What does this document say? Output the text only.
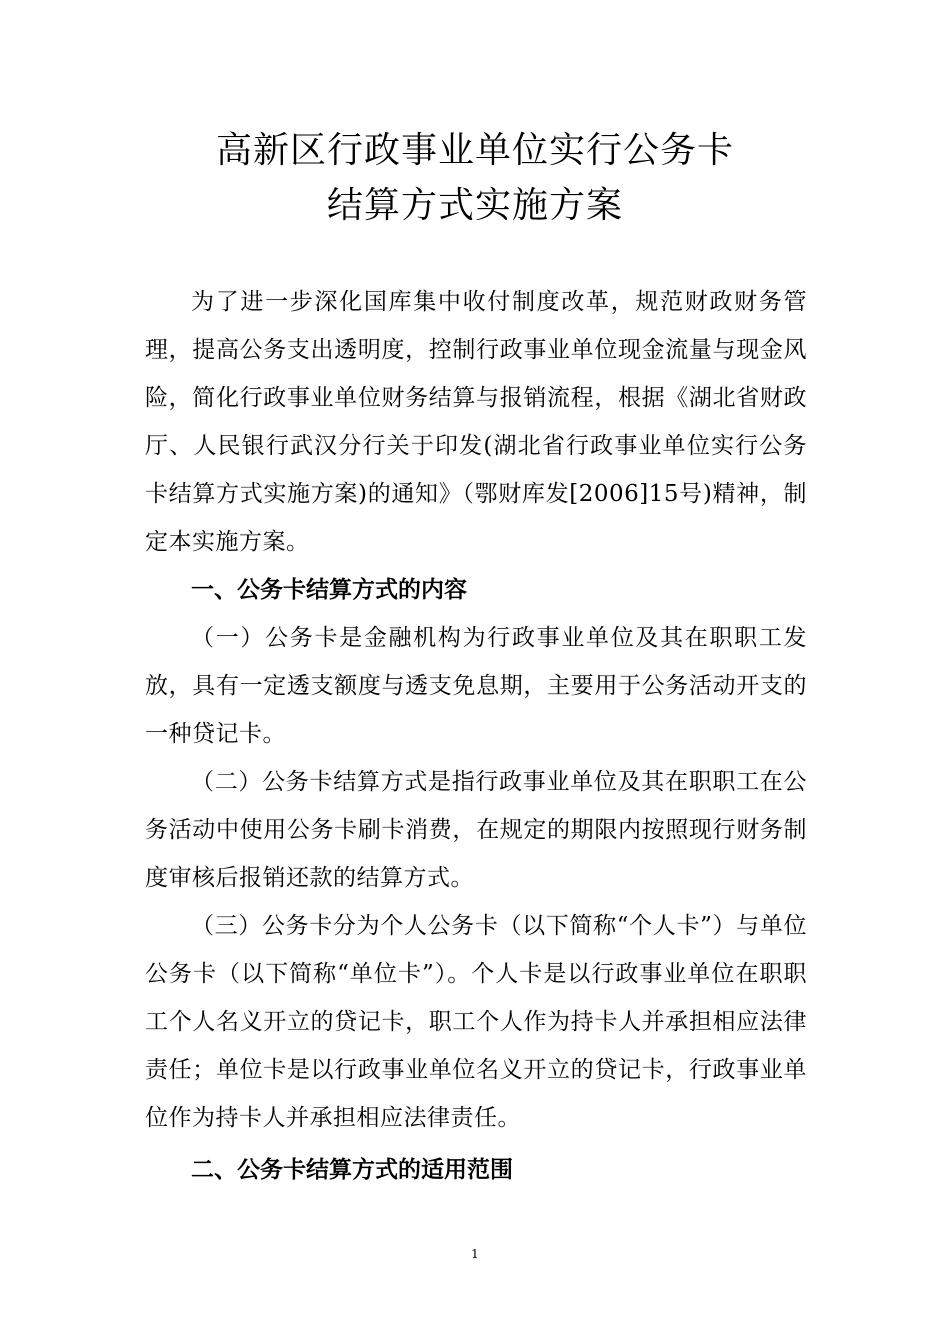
高新区行政事业单位实行公务卡
结算方式实施方案

为了进一步深化国库集中收付制度改革，规范财政财务管理，提高公务支出透明度，控制行政事业单位现金流量与现金风险，简化行政事业单位财务结算与报销流程，根据《湖北省财政厅、人民银行武汉分行关于印发(湖北省行政事业单位实行公务卡结算方式实施方案)的通知》（鄂财库发[2006]15号)精神，制定本实施方案。

一、公务卡结算方式的内容

（一）公务卡是金融机构为行政事业单位及其在职职工发放，具有一定透支额度与透支免息期，主要用于公务活动开支的一种贷记卡。

（二）公务卡结算方式是指行政事业单位及其在职职工在公务活动中使用公务卡刷卡消费，在规定的期限内按照现行财务制度审核后报销还款的结算方式。

（三）公务卡分为个人公务卡（以下简称“个人卡”）与单位公务卡（以下简称“单位卡”）。个人卡是以行政事业单位在职职工个人名义开立的贷记卡，职工个人作为持卡人并承担相应法律责任；单位卡是以行政事业单位名义开立的贷记卡，行政事业单位作为持卡人并承担相应法律责任。

二、公务卡结算方式的适用范围

1
